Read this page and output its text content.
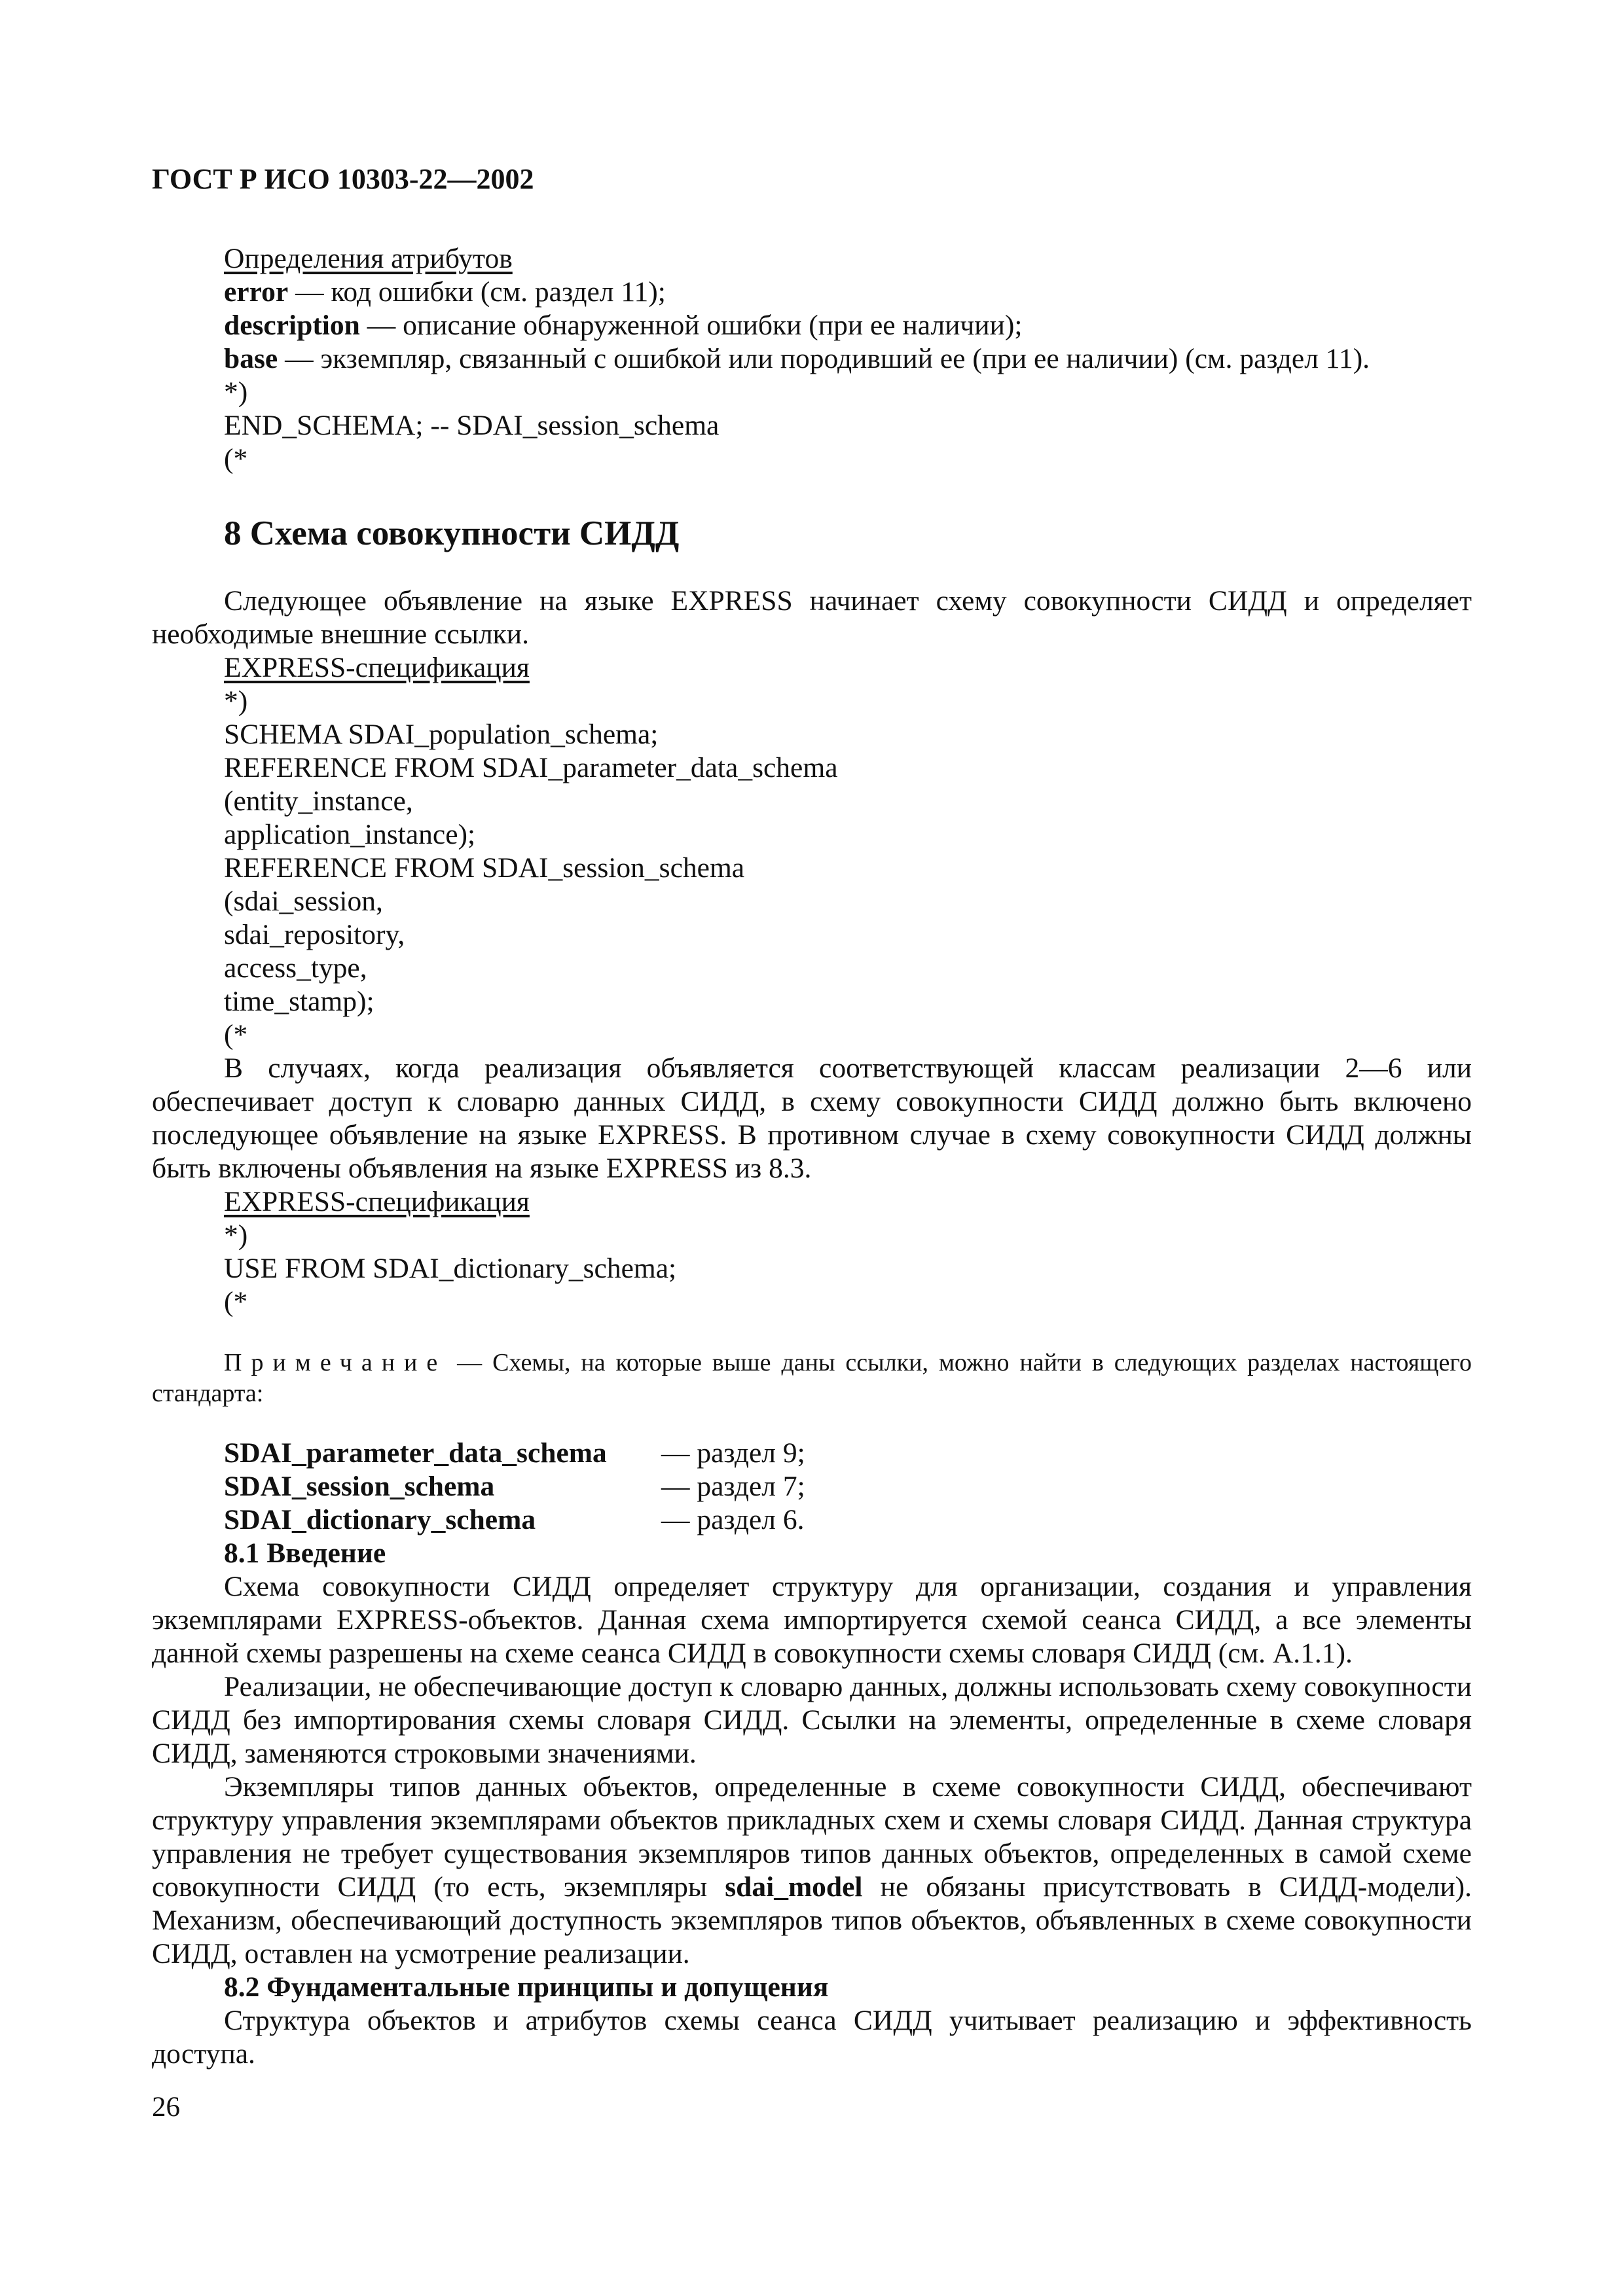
ГОСТ Р ИСО 10303-22—2002
Определения атрибутов
error — код ошибки (см. раздел 11);
description — описание обнаруженной ошибки (при ее наличии);
base — экземпляр, связанный с ошибкой или породивший ее (при ее наличии) (см. раздел 11).
*)
END_SCHEMA; -- SDAI_session_schema
(*
8 Схема совокупности СИДД

Следующее объявление на языке EXPRESS начинает схему совокупности СИДД и определяет необходимые внешние ссылки.

EXPRESS-спецификация
*)
SCHEMA SDAI_population_schema;
REFERENCE FROM SDAI_parameter_data_schema
(entity_instance,
application_instance);
REFERENCE FROM SDAI_session_schema
(sdai_session,
sdai_repository,
access_type,
time_stamp);
(*

В случаях, когда реализация объявляется соответствующей классам реализации 2—6 или обеспечивает доступ к словарю данных СИДД, в схему совокупности СИДД должно быть включено последующее объявление на языке EXPRESS. В противном случае в схему совокупности СИДД должны быть включены объявления на языке EXPRESS из 8.3.

EXPRESS-спецификация
*)
USE FROM SDAI_dictionary_schema;
(*

Примечание — Схемы, на которые выше даны ссылки, можно найти в следующих разделах настоящего стандарта:

SDAI_parameter_data_schema	— раздел 9;
SDAI_session_schema	— раздел 7;
SDAI_dictionary_schema	— раздел 6.
8.1 Введение

Схема совокупности СИДД определяет структуру для организации, создания и управления экземплярами EXPRESS-объектов. Данная схема импортируется схемой сеанса СИДД, а все элементы данной схемы разрешены на схеме сеанса СИДД в совокупности схемы словаря СИДД (см. А.1.1).

Реализации, не обеспечивающие доступ к словарю данных, должны использовать схему совокупности СИДД без импортирования схемы словаря СИДД. Ссылки на элементы, определенные в схеме словаря СИДД, заменяются строковыми значениями.

Экземпляры типов данных объектов, определенные в схеме совокупности СИДД, обеспечивают структуру управления экземплярами объектов прикладных схем и схемы словаря СИДД. Данная структура управления не требует существования экземпляров типов данных объектов, определенных в самой схеме совокупности СИДД (то есть, экземпляры sdai_model не обязаны присутствовать в СИДД-модели). Механизм, обеспечивающий доступность экземпляров типов объектов, объявленных в схеме совокупности СИДД, оставлен на усмотрение реализации.

8.2 Фундаментальные принципы и допущения

Структура объектов и атрибутов схемы сеанса СИДД учитывает реализацию и эффективность доступа.

26
